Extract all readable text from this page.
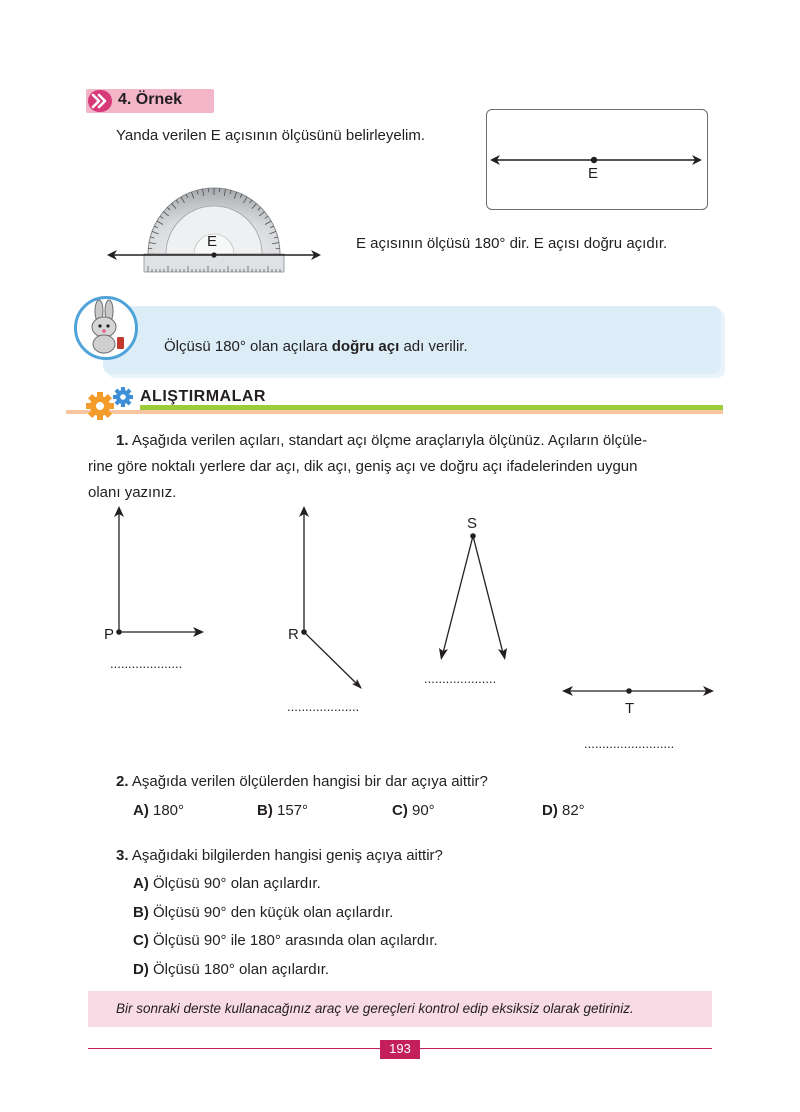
4. Örnek
Yanda verilen E açısının ölçüsünü belirleyelim.
E
E	E açısının ölçüsü 180° dir. E açısı doğru açıdır.
Ölçüsü 180° olan açılara doğru açı adı verilir.
ALIŞTIRMALAR
1. Aşağıda verilen açıları, standart açı ölçme araçlarıyla ölçünüz. Açıların ölçüle-
rine göre noktalı yerlere dar açı, dik açı, geniş açı ve doğru açı ifadelerinden uygun
olanı yazınız.
P	R
S
T
....................
....................
....................
.........................
2. Aşağıda verilen ölçülerden hangisi bir dar açıya aittir?
A) 180°	B) 157°	C) 90°	D) 82°
3. Aşağıdaki bilgilerden hangisi geniş açıya aittir?
A) Ölçüsü 90° olan açılardır.
B) Ölçüsü 90° den küçük olan açılardır.
C) Ölçüsü 90° ile 180° arasında olan açılardır.
D) Ölçüsü 180° olan açılardır.
Bir sonraki derste kullanacağınız araç ve gereçleri kontrol edip eksiksiz olarak getiriniz.
193
